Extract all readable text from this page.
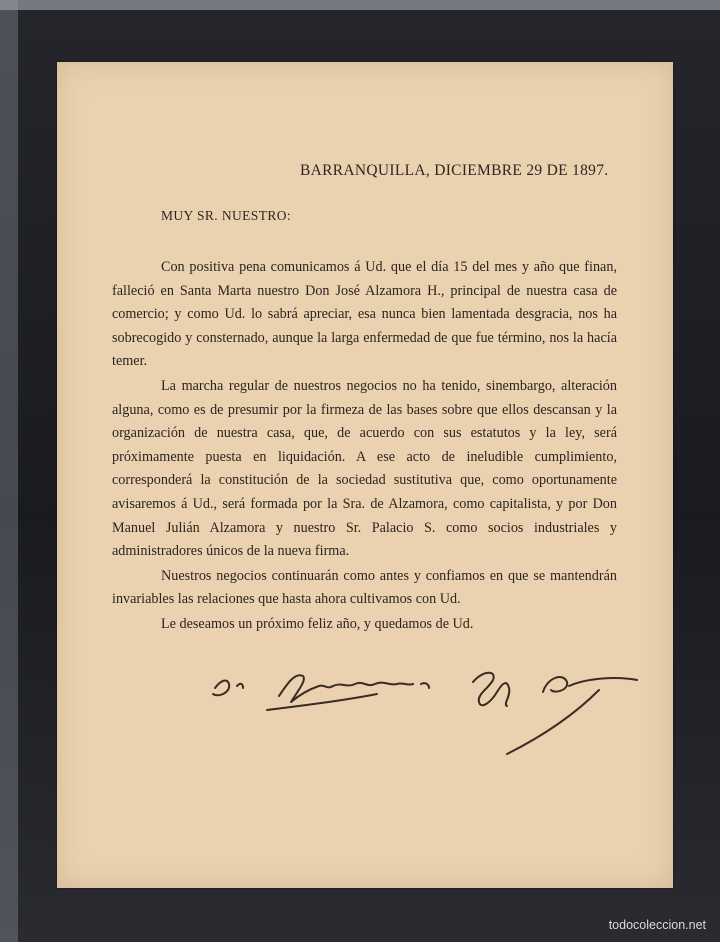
BARRANQUILLA, DICIEMBRE 29 DE 1897.
MUY SR. NUESTRO:

Con positiva pena comunicamos á Ud. que el día 15 del mes y año que finan, falleció en Santa Marta nuestro Don José Alzamora H., principal de nuestra casa de comercio; y como Ud. lo sabrá apreciar, esa nunca bien lamentada desgracia, nos ha sobrecogido y consternado, aunque la larga enfermedad de que fue término, nos la hacía temer.

La marcha regular de nuestros negocios no ha tenido, sinembargo, alteración alguna, como es de presumir por la firmeza de las bases sobre que ellos descansan y la organización de nuestra casa, que, de acuerdo con sus estatutos y la ley, será próximamente puesta en liquidación. A ese acto de ineludible cumplimiento, corresponderá la constitución de la sociedad sustitutiva que, como oportunamente avisaremos á Ud., será formada por la Sra. de Alzamora, como capitalista, y por Don Manuel Julián Alzamora y nuestro Sr. Palacio S. como socios industriales y administradores únicos de la nueva firma.

Nuestros negocios continuarán como antes y confiamos en que se mantendrán invariables las relaciones que hasta ahora cultivamos con Ud.

Le deseamos un próximo feliz año, y quedamos de Ud.

todocoleccion.net
